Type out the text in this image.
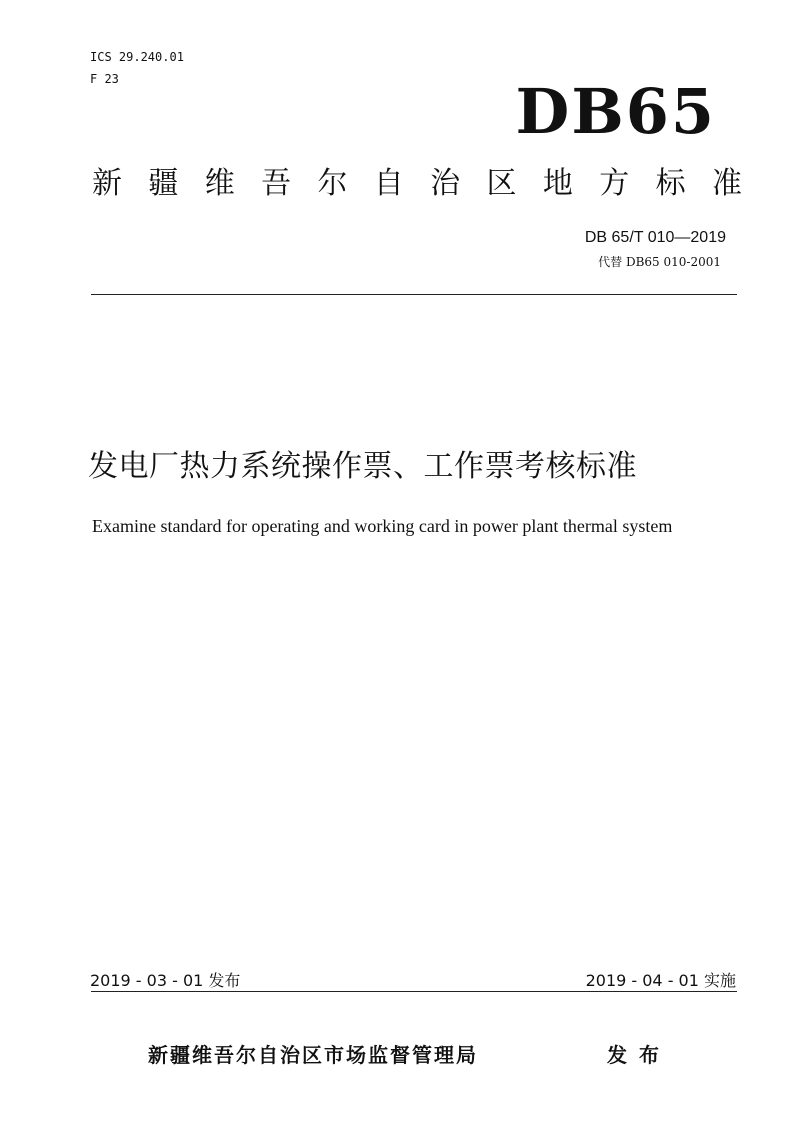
ICS 29.240.01
F 23	DB65
新 疆 维 吾 尔 自 治 区 地 方 标 准
DB 65/T 010—2019
代替 DB65 010-2001
发电厂热力系统操作票、工作票考核标准
Examine standard for operating and working card in power plant thermal system
2019 - 03 - 01 发布	2019 - 04 - 01 实施
新疆维吾尔自治区市场监督管理局	发布
